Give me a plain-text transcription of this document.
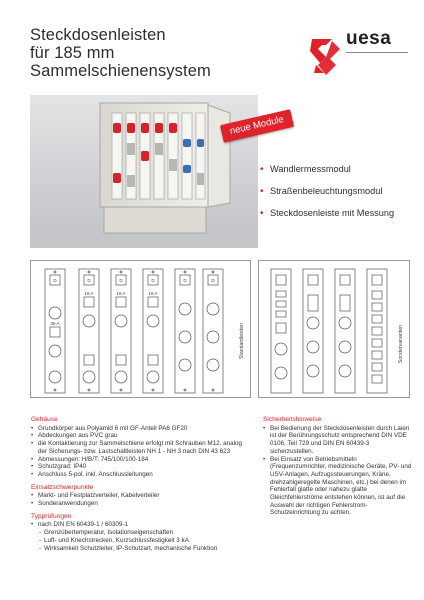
Steckdosenleisten
für 185 mm
Sammelschienensystem
uesa
neue Module
• Wandlermessmodul
• Straßenbeleuchtungsmodul
• Steckdosenleiste mit Messung
D	D	D	D	D	D
35 A
16 A	16 A	16 A
Standardleisten	Sondervarianten
Gehäuse
• Grundkörper aus Polyamid 6 mit GF-Anteil PA6 GF20
• Abdeckungen aus PVC grau
• die Kontaktierung zur Sammelschiene erfolgt mit Schrauben M12, analog der Sicherungs- bzw. Lastschaltleisten NH 1 - NH 3 nach DIN 43 623
• Abmessungen: H/B/T: 745/100/100-184
• Schutzgrad: IP40
• Anschluss 5-pol. inkl. Anschlussleitungen
Einsatzschwerpunkte
• Markt- und Festplatzverteiler, Kabelverteiler
• Sonderanwendungen
Typprüfungen
• nach DIN EN 60439-1 / 60309-1
- Grenzübertemperatur, Isolationseigenschaften
- Luft- und Kriechstrecken, Kurzschlussfestigkeit 3 kA
- Wirksamkeit Schutzleiter, IP-Schutzart, mechanische Funktion
Sicherheitshinweise
• Bei Bedienung der Steckdosenleisten durch Laien ist der Berührungsschutz entsprechend DIN VDE 0106, Teil 729 und DIN EN 60439-3 sicherzustellen.
• Bei Einsatz von Betriebsmitteln (Frequenzumrichter, medizinische Geräte, PV- und USV-Anlagen, Aufzugssteuerungen, Kräne, drehzahlgeregelte Maschinen, etc.) bei denen im Fehlerfall glatte oder nahezu glatte Gleichfehlerströme entstehen können, ist auf die Auswahl der richtigen Fehlerstrom-Schutzeinrichtung zu achten.
